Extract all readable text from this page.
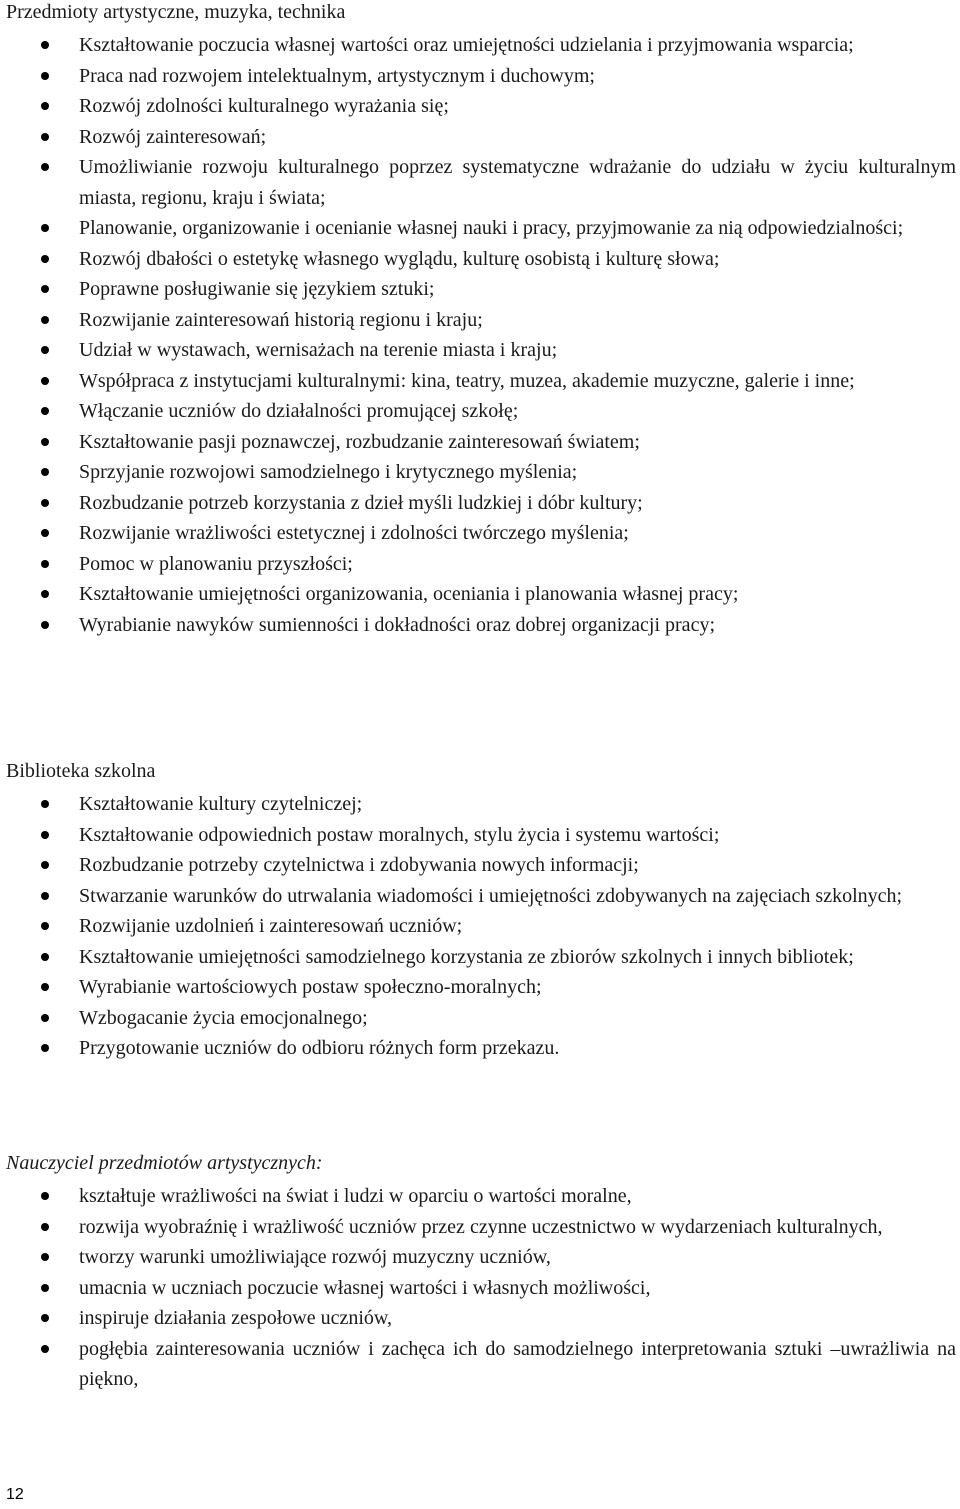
Przedmioty artystyczne, muzyka, technika
Kształtowanie poczucia własnej wartości oraz umiejętności udzielania i przyjmowania wsparcia;
Praca nad rozwojem intelektualnym, artystycznym i duchowym;
Rozwój zdolności kulturalnego wyrażania się;
Rozwój zainteresowań;
Umożliwianie rozwoju kulturalnego poprzez systematyczne wdrażanie do udziału w życiu kulturalnym miasta, regionu, kraju i świata;
Planowanie, organizowanie i ocenianie własnej nauki i pracy, przyjmowanie za nią odpowiedzialności;
Rozwój dbałości o estetykę własnego wyglądu, kulturę osobistą i kulturę słowa;
Poprawne posługiwanie się językiem sztuki;
Rozwijanie zainteresowań historią regionu i kraju;
Udział w wystawach, wernisażach na terenie miasta i kraju;
Współpraca z instytucjami kulturalnymi: kina, teatry, muzea, akademie muzyczne, galerie i inne;
Włączanie uczniów do działalności promującej szkołę;
Kształtowanie pasji poznawczej, rozbudzanie zainteresowań światem;
Sprzyjanie rozwojowi samodzielnego i krytycznego myślenia;
Rozbudzanie potrzeb korzystania z dzieł myśli ludzkiej i dóbr kultury;
Rozwijanie wrażliwości estetycznej i zdolności twórczego myślenia;
Pomoc w planowaniu przyszłości;
Kształtowanie umiejętności organizowania, oceniania i planowania własnej pracy;
Wyrabianie nawyków sumienności i dokładności oraz dobrej organizacji pracy;
Biblioteka szkolna
Kształtowanie kultury czytelniczej;
Kształtowanie odpowiednich postaw moralnych, stylu życia i systemu wartości;
Rozbudzanie potrzeby czytelnictwa i zdobywania nowych informacji;
Stwarzanie warunków do utrwalania wiadomości i umiejętności zdobywanych na zajęciach szkolnych;
Rozwijanie uzdolnień i zainteresowań uczniów;
Kształtowanie umiejętności samodzielnego korzystania ze zbiorów szkolnych i innych bibliotek;
Wyrabianie wartościowych postaw społeczno-moralnych;
Wzbogacanie życia emocjonalnego;
Przygotowanie uczniów do odbioru różnych form przekazu.
Nauczyciel przedmiotów artystycznych:
kształtuje wrażliwości na świat i ludzi w oparciu o wartości moralne,
rozwija wyobraźnię i wrażliwość uczniów przez czynne uczestnictwo w wydarzeniach kulturalnych,
tworzy warunki umożliwiające rozwój muzyczny uczniów,
umacnia w uczniach poczucie własnej wartości i własnych możliwości,
inspiruje działania zespołowe uczniów,
pogłębia zainteresowania uczniów i zachęca ich do samodzielnego interpretowania sztuki –uwrażliwia na piękno,
12
